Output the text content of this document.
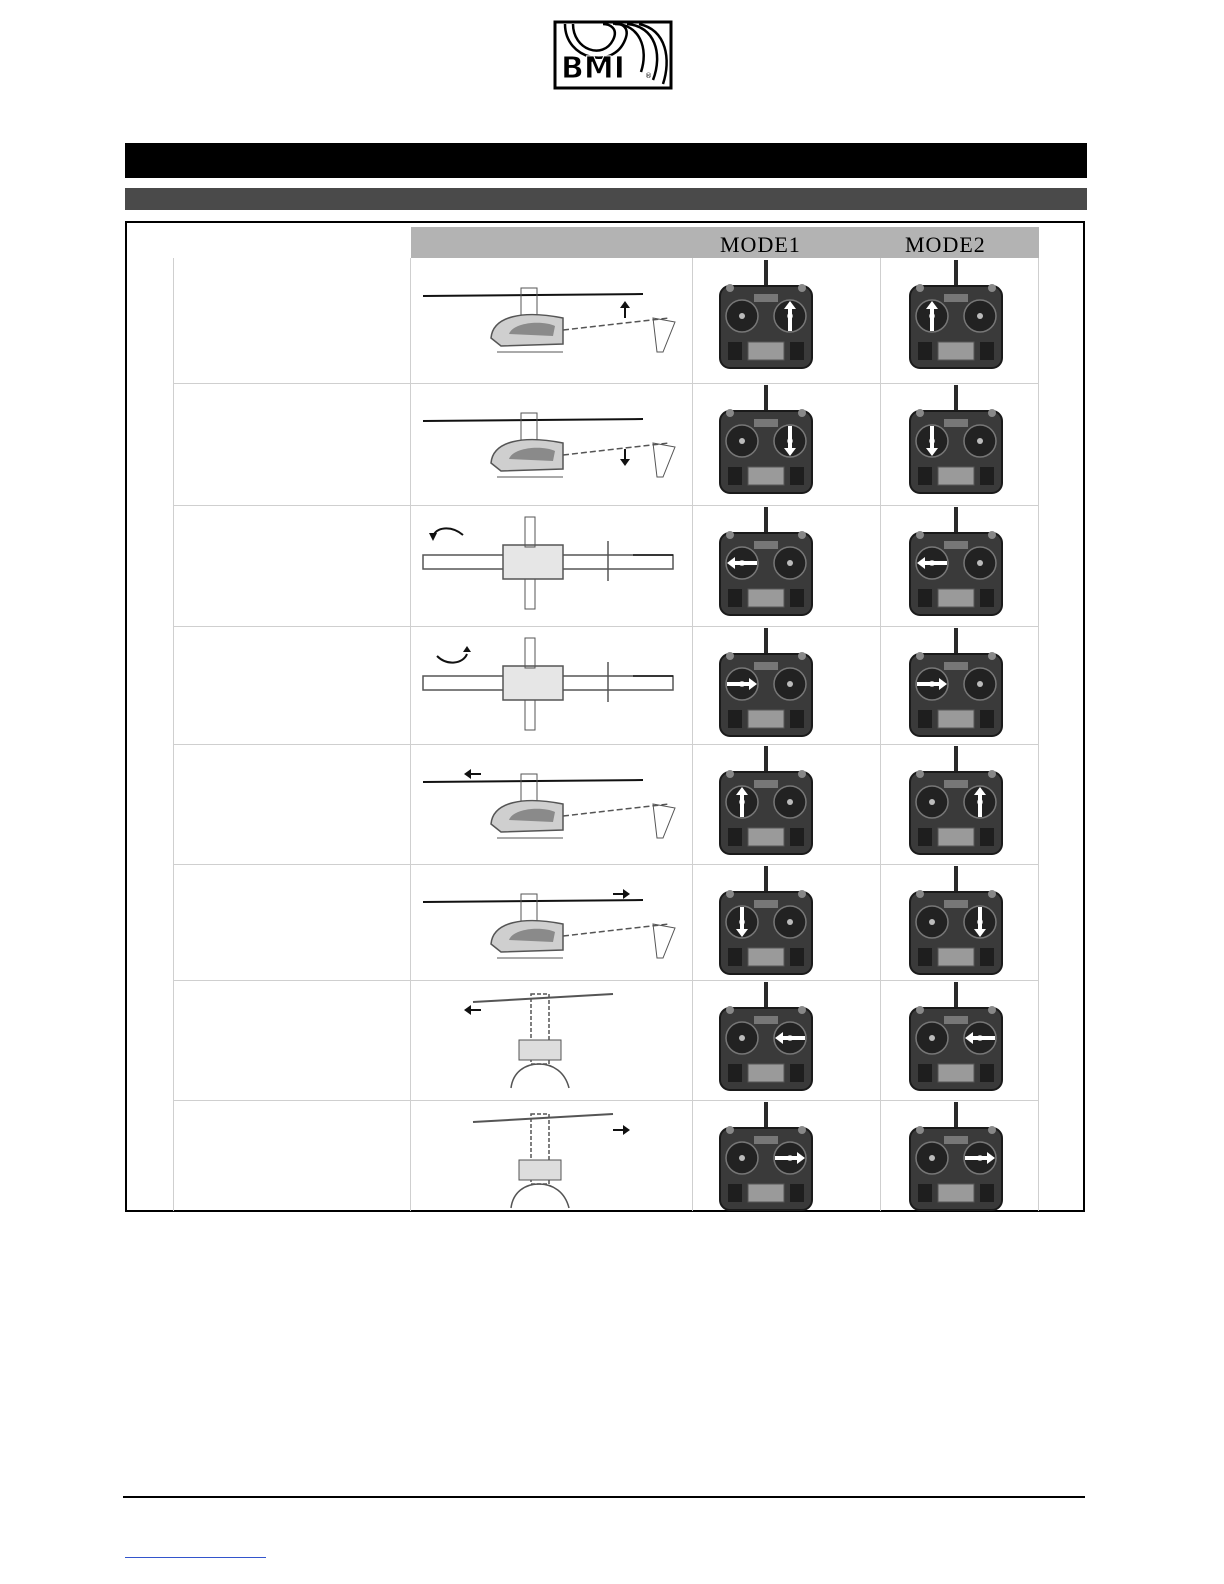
BMI	®
MODE1	MODE2
